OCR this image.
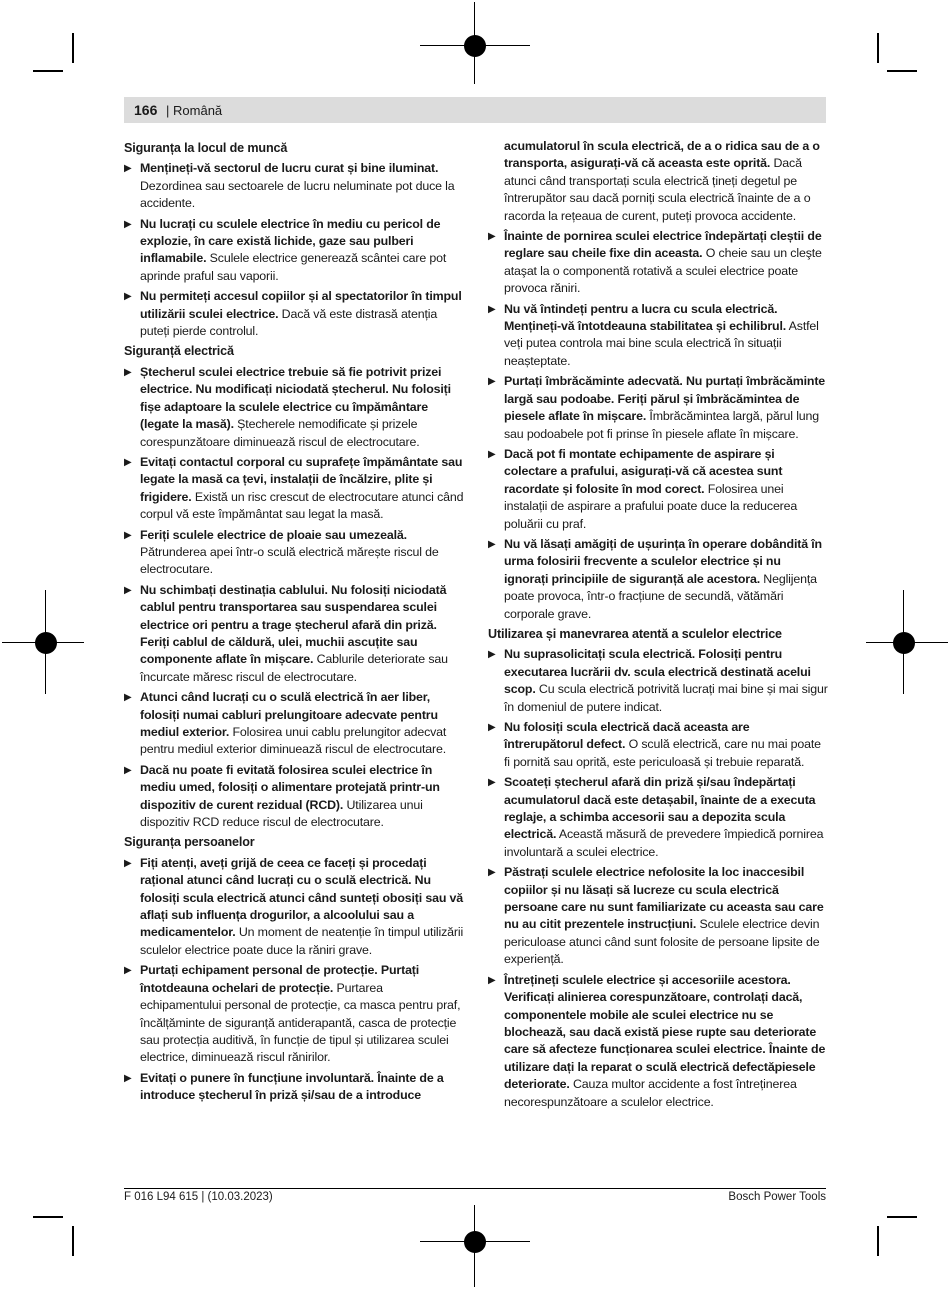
166 | Română
Siguranța la locul de muncă
▶ Mențineți-vă sectorul de lucru curat și bine iluminat. Dezordinea sau sectoarele de lucru neluminate pot duce la accidente.
▶ Nu lucrați cu sculele electrice în mediu cu pericol de explozie, în care există lichide, gaze sau pulberi inflamabile. Sculele electrice generează scântei care pot aprinde praful sau vaporii.
▶ Nu permiteți accesul copiilor și al spectatorilor în timpul utilizării sculei electrice. Dacă vă este distrasă atenția puteți pierde controlul.
Siguranță electrică
▶ Ștecherul sculei electrice trebuie să fie potrivit prizei electrice. Nu modificați niciodată ștecherul. Nu folosiți fișe adaptoare la sculele electrice cu împământare (legate la masă). Ștecherele nemodificate și prizele corespunzătoare diminuează riscul de electrocutare.
▶ Evitați contactul corporal cu suprafețe împământate sau legate la masă ca țevi, instalații de încălzire, plite și frigidere. Există un risc crescut de electrocutare atunci când corpul vă este împământat sau legat la masă.
▶ Feriți sculele electrice de ploaie sau umezeală. Pătrunderea apei într-o sculă electrică mărește riscul de electrocutare.
▶ Nu schimbați destinația cablului. Nu folosiți niciodată cablul pentru transportarea sau suspendarea sculei electrice ori pentru a trage ștecherul afară din priză. Feriți cablul de căldură, ulei, muchii ascuțite sau componente aflate în mișcare. Cablurile deteriorate sau încurcate măresc riscul de electrocutare.
▶ Atunci când lucrați cu o sculă electrică în aer liber, folosiți numai cabluri prelungitoare adecvate pentru mediul exterior. Folosirea unui cablu prelungitor adecvat pentru mediul exterior diminuează riscul de electrocutare.
▶ Dacă nu poate fi evitată folosirea sculei electrice în mediu umed, folosiți o alimentare protejată printr-un dispozitiv de curent rezidual (RCD). Utilizarea unui dispozitiv RCD reduce riscul de electrocutare.
Siguranța persoanelor
▶ Fiți atenți, aveți grijă de ceea ce faceți și procedați rațional atunci când lucrați cu o sculă electrică. Nu folosiți scula electrică atunci când sunteți obosiți sau vă aflați sub influența drogurilor, a alcoolului sau a medicamentelor. Un moment de neatenție în timpul utilizării sculelor electrice poate duce la răniri grave.
▶ Purtați echipament personal de protecție. Purtați întotdeauna ochelari de protecție. Purtarea echipamentului personal de protecție, ca masca pentru praf, încălțăminte de siguranță antiderapantă, casca de protecție sau protecția auditivă, în funcție de tipul și utilizarea sculei electrice, diminuează riscul rănirilor.
▶ Evitați o punere în funcțiune involuntară. Înainte de a introduce ștecherul în priză și/sau de a introduce
acumulatorul în scula electrică, de a o ridica sau de a o transporta, asigurați-vă că aceasta este oprită. Dacă atunci când transportați scula electrică țineți degetul pe întrerupător sau dacă porniți scula electrică înainte de a o racorda la rețeaua de curent, puteți provoca accidente.
▶ Înainte de pornirea sculei electrice îndepărtați cleștii de reglare sau cheile fixe din aceasta. O cheie sau un cleşte ataşat la o componentă rotativă a sculei electrice poate provoca răniri.
▶ Nu vă întindeți pentru a lucra cu scula electrică. Mențineți-vă întotdeauna stabilitatea și echilibrul. Astfel veți putea controla mai bine scula electrică în situații neașteptate.
▶ Purtați îmbrăcăminte adecvată. Nu purtați îmbrăcăminte largă sau podoabe. Feriți părul și îmbrăcămintea de piesele aflate în mișcare. Îmbrăcămintea largă, părul lung sau podoabele pot fi prinse în piesele aflate în mișcare.
▶ Dacă pot fi montate echipamente de aspirare și colectare a prafului, asigurați-vă că acestea sunt racordate și folosite în mod corect. Folosirea unei instalații de aspirare a prafului poate duce la reducerea poluării cu praf.
▶ Nu vă lăsați amăgiți de ușurința în operare dobândită în urma folosirii frecvente a sculelor electrice și nu ignorați principiile de siguranță ale acestora. Neglijența poate provoca, într-o fracțiune de secundă, vătămări corporale grave.
Utilizarea și manevrarea atentă a sculelor electrice
▶ Nu suprasolicitați scula electrică. Folosiți pentru executarea lucrării dv. scula electrică destinată acelui scop. Cu scula electrică potrivită lucrați mai bine și mai sigur în domeniul de putere indicat.
▶ Nu folosiți scula electrică dacă aceasta are întrerupătorul defect. O sculă electrică, care nu mai poate fi pornită sau oprită, este periculoasă și trebuie reparată.
▶ Scoateți ștecherul afară din priză și/sau îndepărtați acumulatorul dacă este detașabil, înainte de a executa reglaje, a schimba accesorii sau a depozita scula electrică. Această măsură de prevedere împiedică pornirea involuntară a sculei electrice.
▶ Păstrați sculele electrice nefolosite la loc inaccesibil copiilor și nu lăsați să lucreze cu scula electrică persoane care nu sunt familiarizate cu aceasta sau care nu au citit prezentele instrucțiuni. Sculele electrice devin periculoase atunci când sunt folosite de persoane lipsite de experiență.
▶ Întrețineți sculele electrice și accesoriile acestora. Verificați alinierea corespunzătoare, controlați dacă, componentele mobile ale sculei electrice nu se blochează, sau dacă există piese rupte sau deteriorate care să afecteze funcționarea sculei electrice. Înainte de utilizare dați la reparat o sculă electrică defectăpiesele deteriorate. Cauza multor accidente a fost întreținerea necorespunzătoare a sculelor electrice.
F 016 L94 615 | (10.03.2023)	Bosch Power Tools
